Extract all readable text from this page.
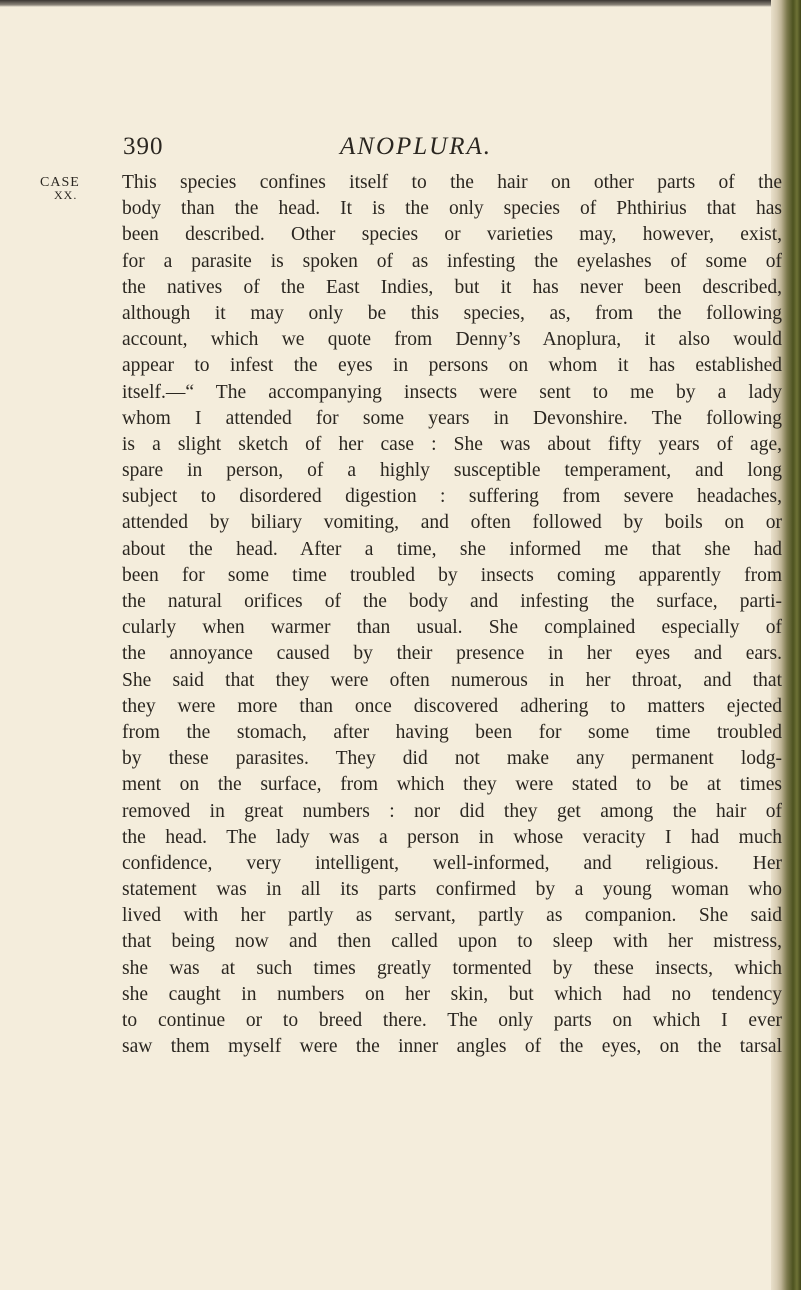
390	ANOPLURA.
CASE
XX.
This species confines itself to the hair on other parts of the
body than the head. It is the only species of Phthirius that has
been described. Other species or varieties may, however, exist,
for a parasite is spoken of as infesting the eyelashes of some of
the natives of the East Indies, but it has never been described,
although it may only be this species, as, from the following
account, which we quote from Denny’s Anoplura, it also would
appear to infest the eyes in persons on whom it has established
itself.—“ The accompanying insects were sent to me by a lady
whom I attended for some years in Devonshire. The following
is a slight sketch of her case : She was about fifty years of age,
spare in person, of a highly susceptible temperament, and long
subject to disordered digestion : suffering from severe headaches,
attended by biliary vomiting, and often followed by boils on or
about the head. After a time, she informed me that she had
been for some time troubled by insects coming apparently from
the natural orifices of the body and infesting the surface, parti-
cularly when warmer than usual. She complained especially of
the annoyance caused by their presence in her eyes and ears.
She said that they were often numerous in her throat, and that
they were more than once discovered adhering to matters ejected
from the stomach, after having been for some time troubled
by these parasites. They did not make any permanent lodg-
ment on the surface, from which they were stated to be at times
removed in great numbers : nor did they get among the hair of
the head. The lady was a person in whose veracity I had much
confidence, very intelligent, well-informed, and religious. Her
statement was in all its parts confirmed by a young woman who
lived with her partly as servant, partly as companion. She said
that being now and then called upon to sleep with her mistress,
she was at such times greatly tormented by these insects, which
she caught in numbers on her skin, but which had no tendency
to continue or to breed there. The only parts on which I ever
saw them myself were the inner angles of the eyes, on the tarsal
